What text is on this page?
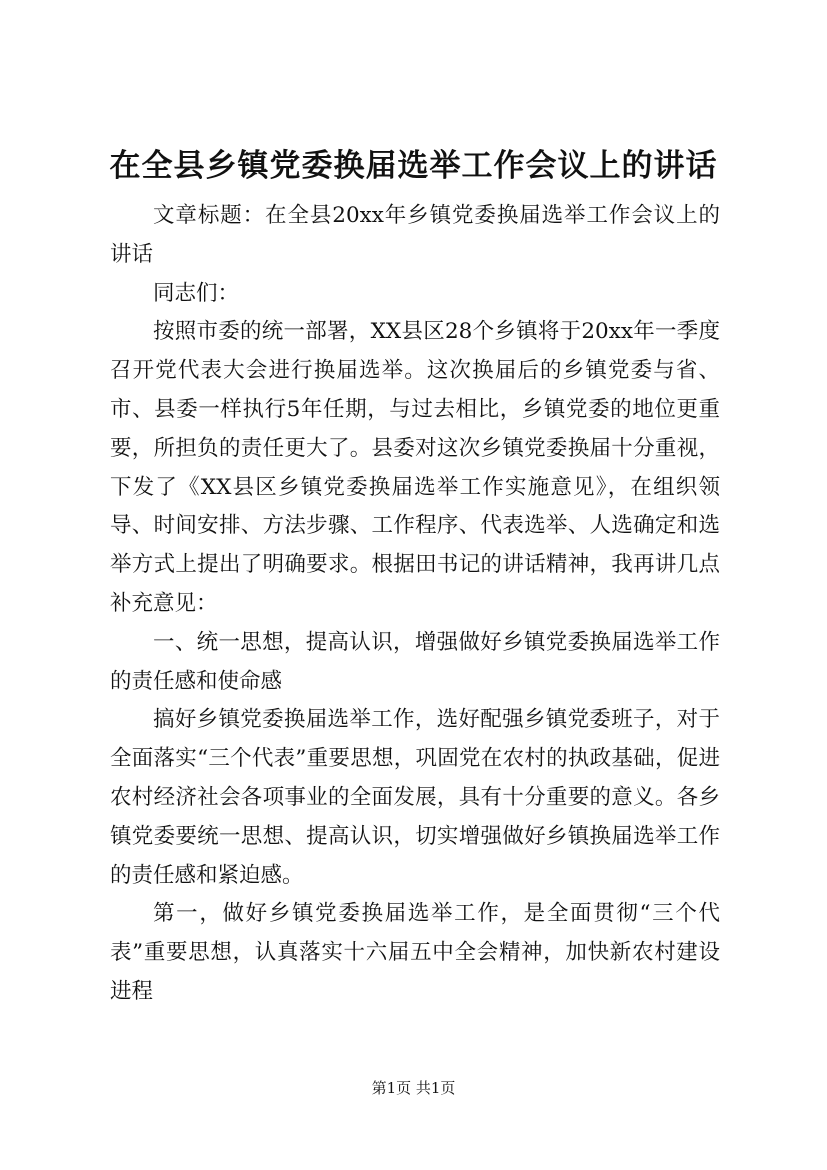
在全县乡镇党委换届选举工作会议上的讲话

文章标题：在全县20xx年乡镇党委换届选举工作会议上的讲话

同志们：

按照市委的统一部署，XX县区28个乡镇将于20xx年一季度召开党代表大会进行换届选举。这次换届后的乡镇党委与省、市、县委一样执行5年任期，与过去相比，乡镇党委的地位更重要，所担负的责任更大了。县委对这次乡镇党委换届十分重视，下发了《XX县区乡镇党委换届选举工作实施意见》，在组织领导、时间安排、方法步骤、工作程序、代表选举、人选确定和选举方式上提出了明确要求。根据田书记的讲话精神，我再讲几点补充意见：

一、统一思想，提高认识，增强做好乡镇党委换届选举工作的责任感和使命感

搞好乡镇党委换届选举工作，选好配强乡镇党委班子，对于全面落实“三个代表”重要思想，巩固党在农村的执政基础，促进农村经济社会各项事业的全面发展，具有十分重要的意义。各乡镇党委要统一思想、提高认识，切实增强做好乡镇换届选举工作的责任感和紧迫感。

第一，做好乡镇党委换届选举工作，是全面贯彻“三个代表”重要思想，认真落实十六届五中全会精神，加快新农村建设进程

第1页 共1页
